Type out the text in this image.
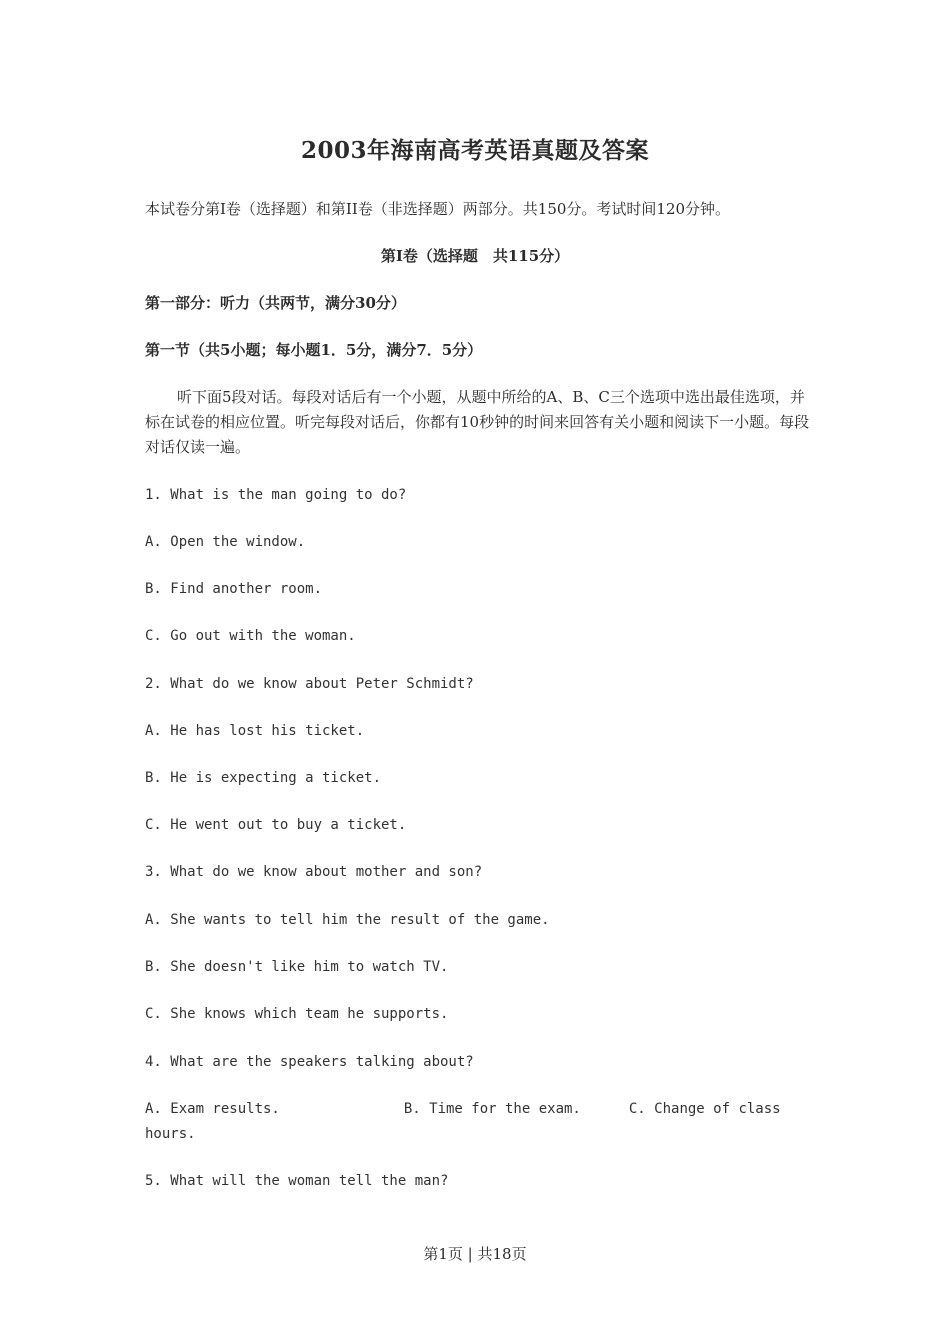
2003年海南高考英语真题及答案
本试卷分第I卷（选择题）和第II卷（非选择题）两部分。共150分。考试时间120分钟。
第I卷（选择题　共115分）
第一部分：听力（共两节，满分30分）
第一节（共5小题；每小题1．5分，满分7．5分）
听下面5段对话。每段对话后有一个小题，从题中所给的A、B、C三个选项中选出最佳选项，并标在试卷的相应位置。听完每段对话后，你都有10秒钟的时间来回答有关小题和阅读下一小题。每段对话仅读一遍。
1. What is the man going to do?
A. Open the window.
B. Find another room.
C. Go out with the woman.
2. What do we know about Peter Schmidt?
A. He has lost his ticket.
B. He is expecting a ticket.
C. He went out to buy a ticket.
3. What do we know about mother and son?
A. She wants to tell him the result of the game.
B. She doesn't like him to watch TV.
C. She knows which team he supports.
4. What are the speakers talking about?
A. Exam results.	B. Time for the exam.	C. Change of class hours.
5. What will the woman tell the man?
第1页 | 共18页
